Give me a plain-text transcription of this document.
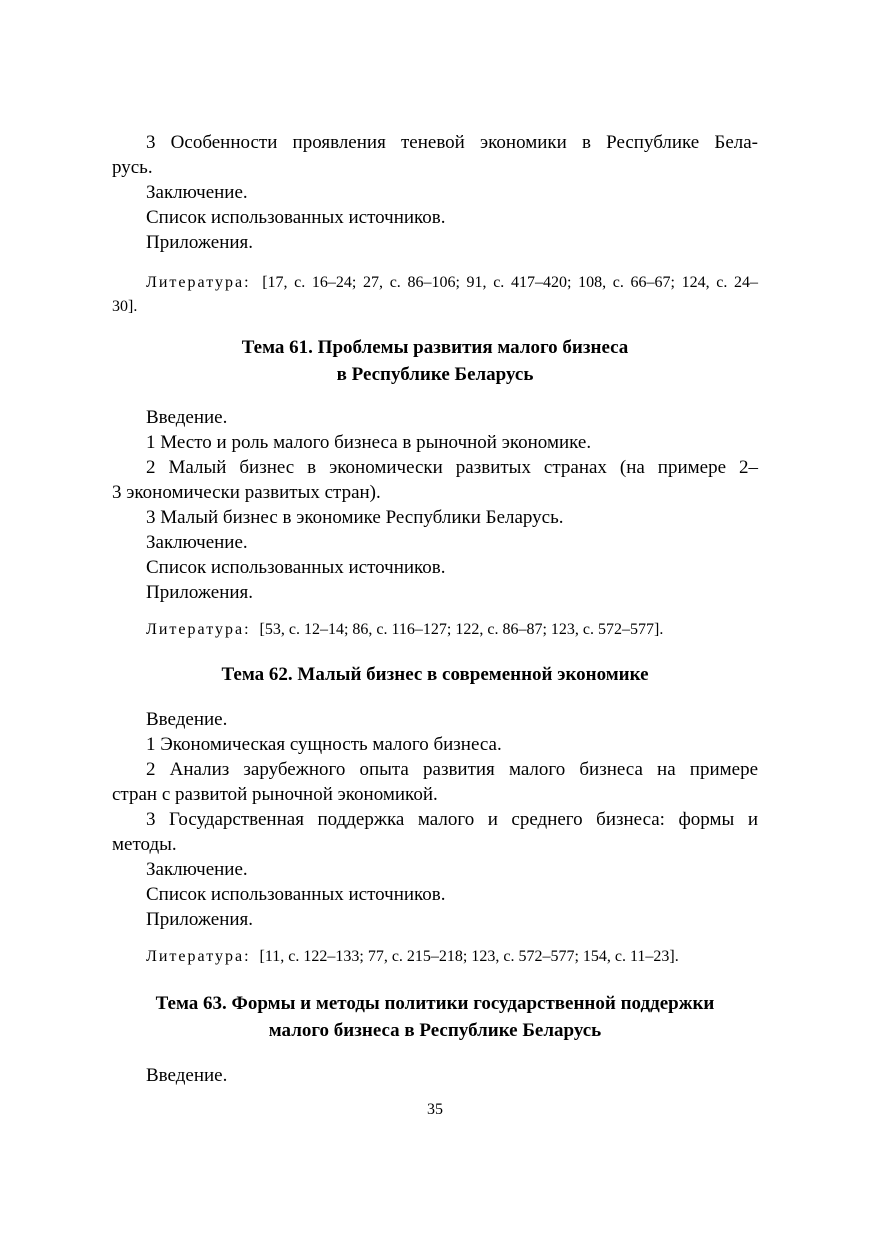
3 Особенности проявления теневой экономики в Республике Бела-
русь.
Заключение.
Список использованных источников.
Приложения.
Литература: [17, с. 16–24; 27, с. 86–106; 91, с. 417–420; 108, с. 66–67; 124, с. 24–
30].
Тема 61. Проблемы развития малого бизнеса
в Республике Беларусь
Введение.
1 Место и роль малого бизнеса в рыночной экономике.
2 Малый бизнес в экономически развитых странах (на примере 2–
3 экономически развитых стран).
3 Малый бизнес в экономике Республики Беларусь.
Заключение.
Список использованных источников.
Приложения.
Литература: [53, с. 12–14; 86, с. 116–127; 122, с. 86–87; 123, с. 572–577].
Тема 62. Малый бизнес в современной экономике
Введение.
1 Экономическая сущность малого бизнеса.
2 Анализ зарубежного опыта развития малого бизнеса на примере
стран с развитой рыночной экономикой.
3 Государственная поддержка малого и среднего бизнеса: формы и
методы.
Заключение.
Список использованных источников.
Приложения.
Литература: [11, с. 122–133; 77, с. 215–218; 123, с. 572–577; 154, с. 11–23].
Тема 63. Формы и методы политики государственной поддержки
малого бизнеса в Республике Беларусь
Введение.
35
